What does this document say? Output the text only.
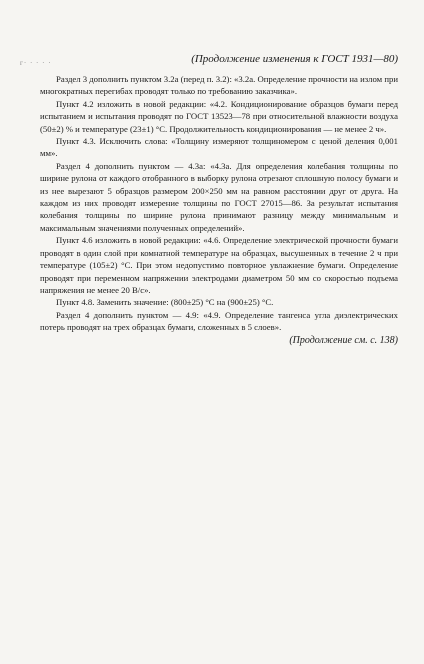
г· · · · ·	(Продолжение изменения к ГОСТ 1931—80)

Раздел 3 дополнить пунктом 3.2а (перед п. 3.2): «3.2а. Определение прочности на излом при многократных перегибах проводят только по требованию заказчика».

Пункт 4.2 изложить в новой редакции: «4.2. Кондиционирование образцов бумаги перед испытанием и испытания проводят по ГОСТ 13523—78 при относительной влажности воздуха (50±2) % и температуре (23±1) °С. Продолжительность кондиционирования — не менее 2 ч».

Пункт 4.3. Исключить слова: «Толщину измеряют толщиномером с ценой деления 0,001 мм».

Раздел 4 дополнить пунктом — 4.3а: «4.3а. Для определения колебания толщины по ширине рулона от каждого отобранного в выборку рулона отрезают сплошную полосу бумаги и из нее вырезают 5 образцов размером 200×250 мм на равном расстоянии друг от друга. На каждом из них проводят измерение толщины по ГОСТ 27015—86. За результат испытания колебания толщины по ширине рулона принимают разницу между минимальным и максимальным значениями полученных определений».

Пункт 4.6 изложить в новой редакции: «4.6. Определение электрической прочности бумаги проводят в один слой при комнатной температуре на образцах, высушенных в течение 2 ч при температуре (105±2) °С. При этом недопустимо повторное увлажнение бумаги. Определение проводят при переменном напряжении электродами диаметром 50 мм со скоростью подъема напряжения не менее 20 В/с».

Пункт 4.8. Заменить значение: (800±25) °С на (900±25) °С.

Раздел 4 дополнить пунктом — 4.9: «4.9. Определение тангенса угла диэлектрических потерь проводят на трех образцах бумаги, сложенных в 5 слоев».

(Продолжение см. с. 138)
